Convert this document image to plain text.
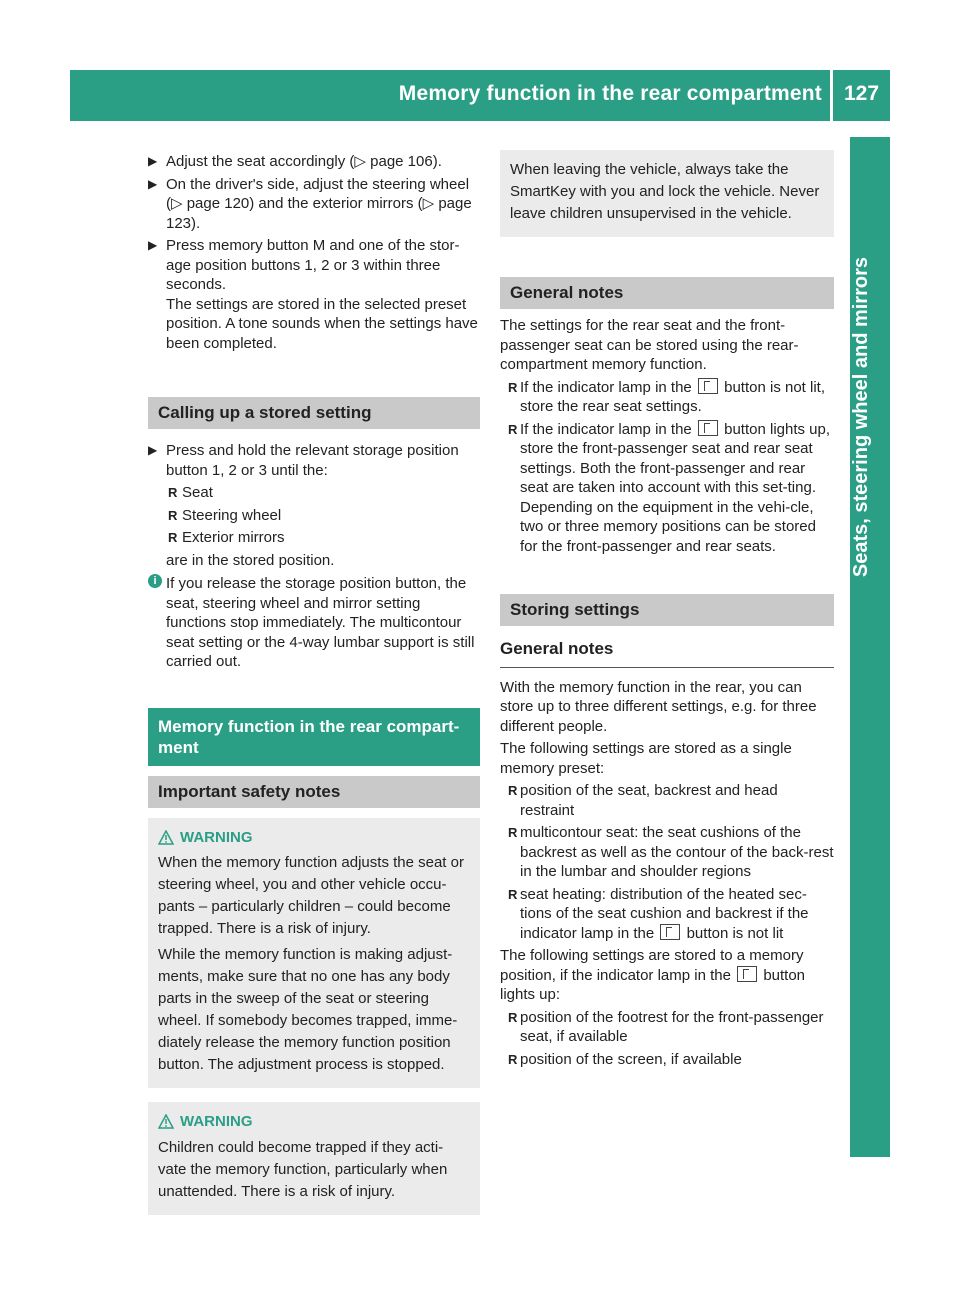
Memory function in the rear compartment 127
Seats, steering wheel and mirrors

▶ Adjust the seat accordingly (▷ page 106).

▶ On the driver's side, adjust the steering wheel (▷ page 120) and the exterior mirrors (▷ page 123).

▶ Press memory button M and one of the stor-age position buttons 1, 2 or 3 within three seconds.
The settings are stored in the selected preset position. A tone sounds when the settings have been completed.

Calling up a stored setting

▶ Press and hold the relevant storage position button 1, 2 or 3 until the:

R Seat

R Steering wheel

R Exterior mirrors

are in the stored position.

i If you release the storage position button, the seat, steering wheel and mirror setting functions stop immediately. The multicontour seat setting or the 4-way lumbar support is still carried out.

Memory function in the rear compart-ment
Important safety notes
WARNING

When the memory function adjusts the seat or steering wheel, you and other vehicle occu-pants – particularly children – could become trapped. There is a risk of injury.

While the memory function is making adjust-ments, make sure that no one has any body parts in the sweep of the seat or steering wheel. If somebody becomes trapped, imme-diately release the memory function position button. The adjustment process is stopped.

WARNING

Children could become trapped if they acti-vate the memory function, particularly when unattended. There is a risk of injury.

When leaving the vehicle, always take the SmartKey with you and lock the vehicle. Never leave children unsupervised in the vehicle.

General notes

The settings for the rear seat and the front-passenger seat can be stored using the rear-compartment memory function.

R If the indicator lamp in the button is not lit, store the rear seat settings.

R If the indicator lamp in the button lights up, store the front-passenger seat and rear seat settings. Both the front-passenger and rear seat are taken into account with this set-ting. Depending on the equipment in the vehi-cle, two or three memory positions can be stored for the front-passenger and rear seats.

Storing settings
General notes

With the memory function in the rear, you can store up to three different settings, e.g. for three different people.

The following settings are stored as a single memory preset:

R position of the seat, backrest and head restraint

R multicontour seat: the seat cushions of the backrest as well as the contour of the back-rest in the lumbar and shoulder regions

R seat heating: distribution of the heated sec-tions of the seat cushion and backrest if the indicator lamp in the button is not lit

The following settings are stored to a memory position, if the indicator lamp in the button lights up:

R position of the footrest for the front-passenger seat, if available

R position of the screen, if available
